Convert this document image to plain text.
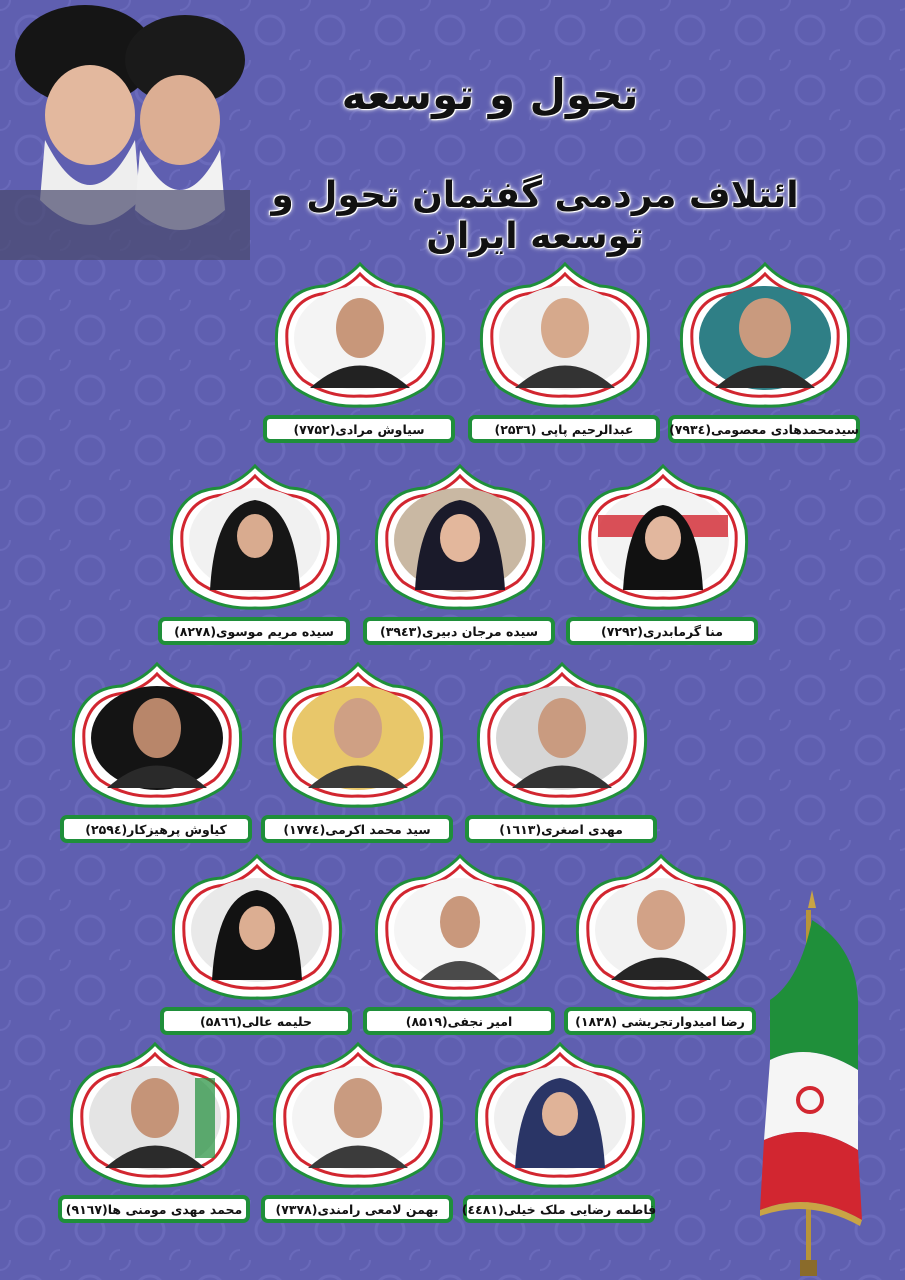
تحول و توسعه
ائتلاف مردمی گفتمان تحول و توسعه ایران
سیدمحمدهادی معصومی(۷۹۳٤)
عبدالرحیم پاپی (۲۵۳٦)
سیاوش مرادی(۷۷۵۲)
منا گرمابدری(۷۲۹۲)
سیده مرجان دبیری(۳۹٤۳)
سیده مریم موسوی(۸۲۷۸)
مهدی اصغری(۱٦۱۳)
سید محمد اکرمی(۱۷۷٤)
کیاوش پرهیزکار(۲۵۹٤)
رضا امیدوارتجریشی (۱۸۳۸)
امیر نجفی(۸۵۱۹)
حلیمه عالی(۵۸٦٦)
فاطمه رضایی ملک خیلی(٤٤۸۱)
بهمن لامعی رامندی(۷۳۷۸)
محمد مهدی مومنی ها(۹۱٦۷)
